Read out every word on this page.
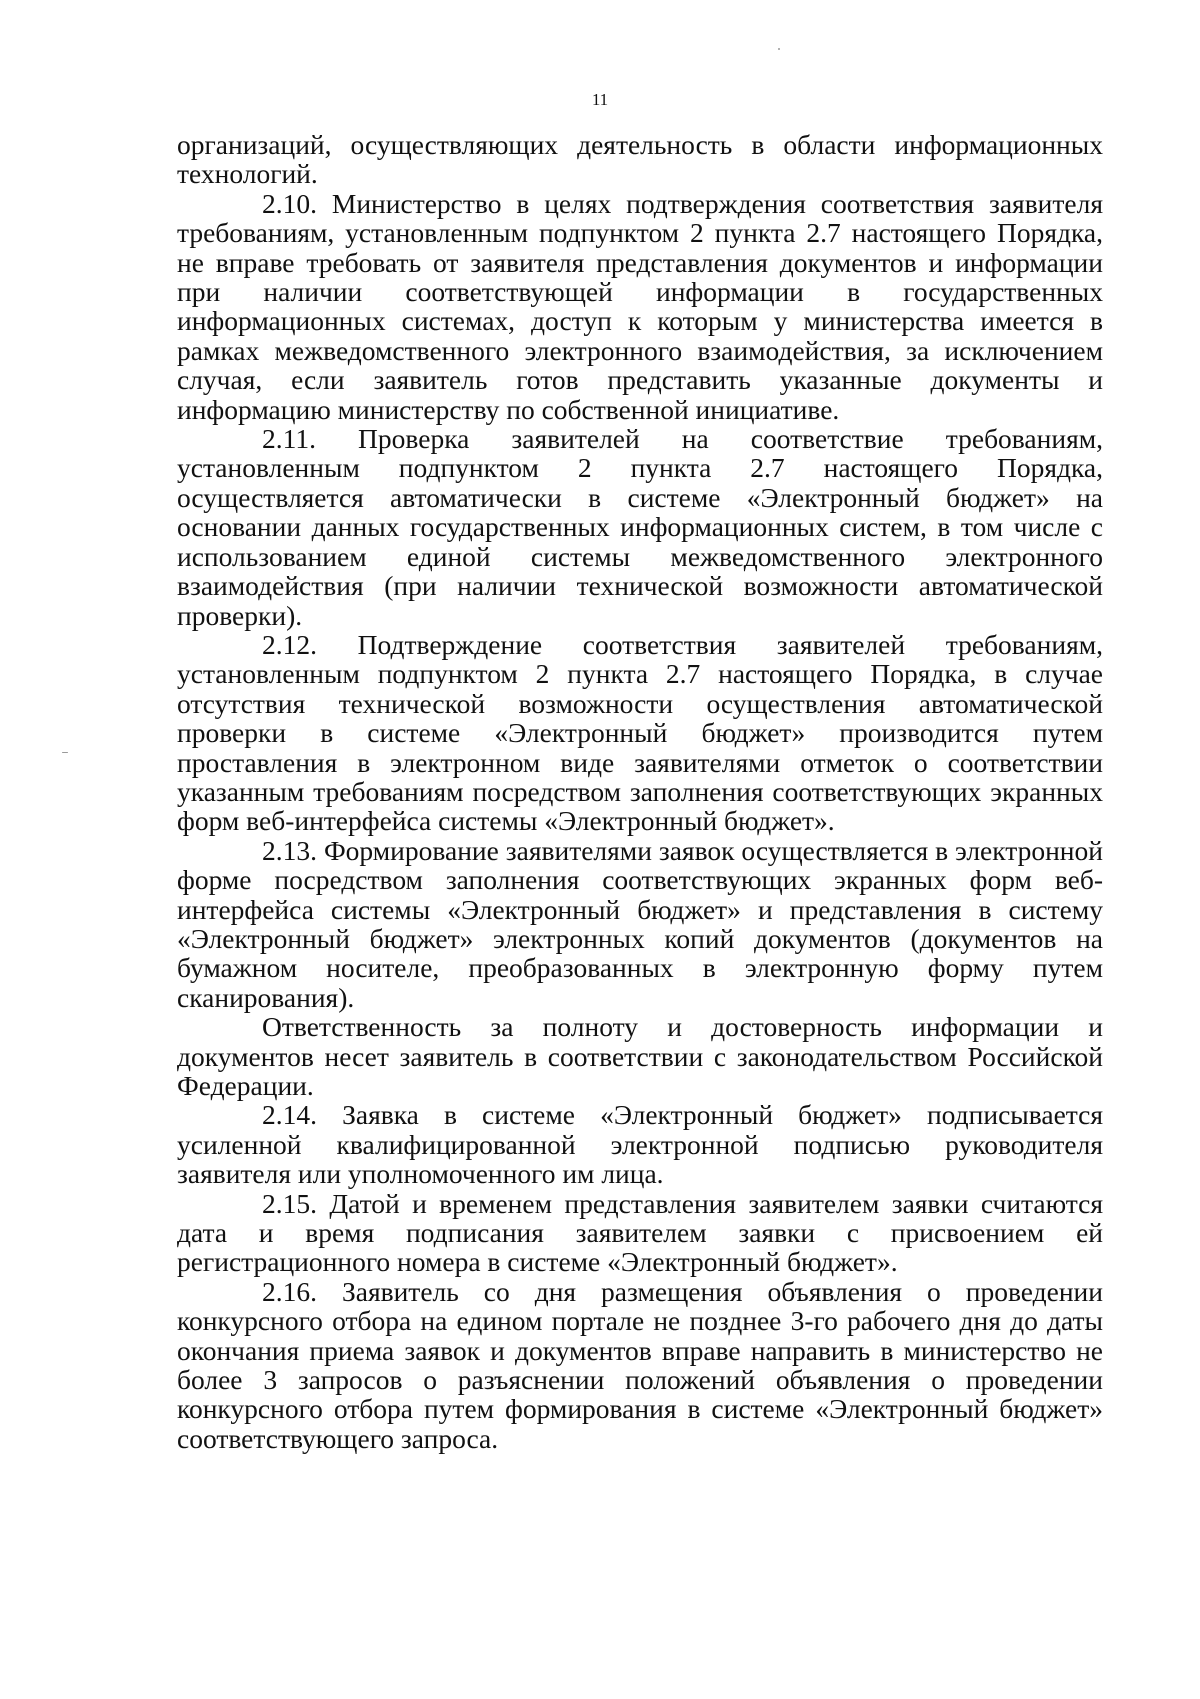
11

организаций, осуществляющих деятельность в области информационных технологий.

2.10. Министерство в целях подтверждения соответствия заявителя требованиям, установленным подпунктом 2 пункта 2.7 настоящего Порядка, не вправе требовать от заявителя представления документов и информации при наличии соответствующей информации в государственных информационных системах, доступ к которым у министерства имеется в рамках межведомственного электронного взаимодействия, за исключением случая, если заявитель готов представить указанные документы и информацию министерству по собственной инициативе.

2.11. Проверка заявителей на соответствие требованиям, установленным подпунктом 2 пункта 2.7 настоящего Порядка, осуществляется автоматически в системе «Электронный бюджет» на основании данных государственных информационных систем, в том числе с использованием единой системы межведомственного электронного взаимодействия (при наличии технической возможности автоматической проверки).

2.12. Подтверждение соответствия заявителей требованиям, установленным подпунктом 2 пункта 2.7 настоящего Порядка, в случае отсутствия технической возможности осуществления автоматической проверки в системе «Электронный бюджет» производится путем проставления в электронном виде заявителями отметок о соответствии указанным требованиям посредством заполнения соответствующих экранных форм веб-интерфейса системы «Электронный бюджет».

2.13. Формирование заявителями заявок осуществляется в электронной форме посредством заполнения соответствующих экранных форм веб-интерфейса системы «Электронный бюджет» и представления в систему «Электронный бюджет» электронных копий документов (документов на бумажном носителе, преобразованных в электронную форму путем сканирования).

Ответственность за полноту и достоверность информации и документов несет заявитель в соответствии с законодательством Российской Федерации.

2.14. Заявка в системе «Электронный бюджет» подписывается усиленной квалифицированной электронной подписью руководителя заявителя или уполномоченного им лица.

2.15. Датой и временем представления заявителем заявки считаются дата и время подписания заявителем заявки с присвоением ей регистрационного номера в системе «Электронный бюджет».

2.16. Заявитель со дня размещения объявления о проведении конкурсного отбора на едином портале не позднее 3-го рабочего дня до даты окончания приема заявок и документов вправе направить в министерство не более 3 запросов о разъяснении положений объявления о проведении конкурсного отбора путем формирования в системе «Электронный бюджет» соответствующего запроса.
